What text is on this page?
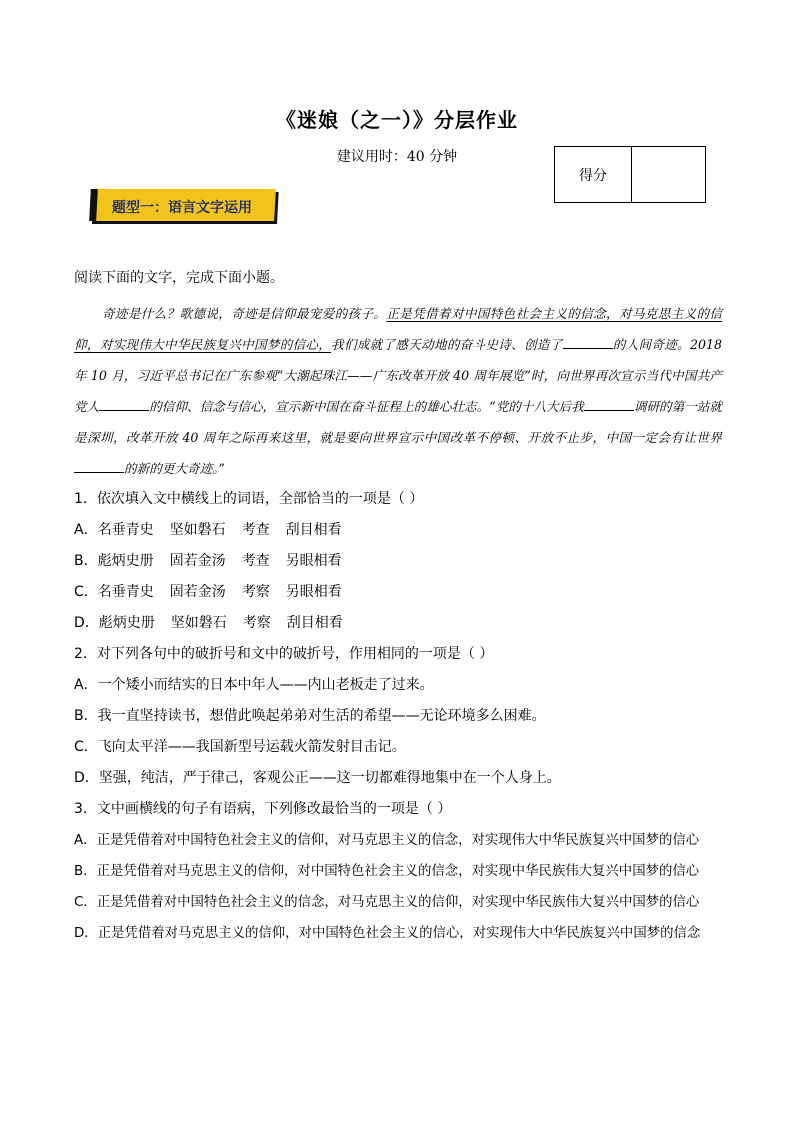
《迷娘（之一）》分层作业
建议用时：40 分钟
得分
题型一：语言文字运用

阅读下面的文字，完成下面小题。

奇迹是什么？歌德说，奇迹是信仰最宠爱的孩子。正是凭借着对中国特色社会主义的信念，对马克思主义的信仰，对实现伟大中华民族复兴中国梦的信心，我们成就了感天动地的奋斗史诗、创造了	的人间奇迹。2018 年 10 月，习近平总书记在广东参观“大潮起珠江——广东改革开放 40 周年展览”时，向世界再次宣示当代中国共产党人	的信仰、信念与信心，宣示新中国在奋斗征程上的雄心壮志。“党的十八大后我	调研的第一站就是深圳，改革开放 40 周年之际再来这里，就是要向世界宣示中国改革不停顿、开放不止步，中国一定会有让世界的新的更大奇迹。”

1．依次填入文中横线上的词语，全部恰当的一项是（ ）

A．名垂青史 坚如磐石 考查 刮目相看

B．彪炳史册 固若金汤 考查 另眼相看

C．名垂青史 固若金汤 考察 另眼相看

D．彪炳史册 坚如磐石 考察 刮目相看

2．对下列各句中的破折号和文中的破折号，作用相同的一项是（ ）

A．一个矮小而结实的日本中年人——内山老板走了过来。

B．我一直坚持读书，想借此唤起弟弟对生活的希望——无论环境多么困难。

C．飞向太平洋——我国新型号运载火箭发射目击记。

D．坚强，纯洁，严于律己，客观公正——这一切都难得地集中在一个人身上。

3．文中画横线的句子有语病，下列修改最恰当的一项是（ ）

A．正是凭借着对中国特色社会主义的信仰，对马克思主义的信念，对实现伟大中华民族复兴中国梦的信心

B．正是凭借着对马克思主义的信仰，对中国特色社会主义的信念，对实现中华民族伟大复兴中国梦的信心

C．正是凭借着对中国特色社会主义的信念，对马克思主义的信仰，对实现中华民族伟大复兴中国梦的信心

D．正是凭借着对马克思主义的信仰，对中国特色社会主义的信心，对实现伟大中华民族复兴中国梦的信念
